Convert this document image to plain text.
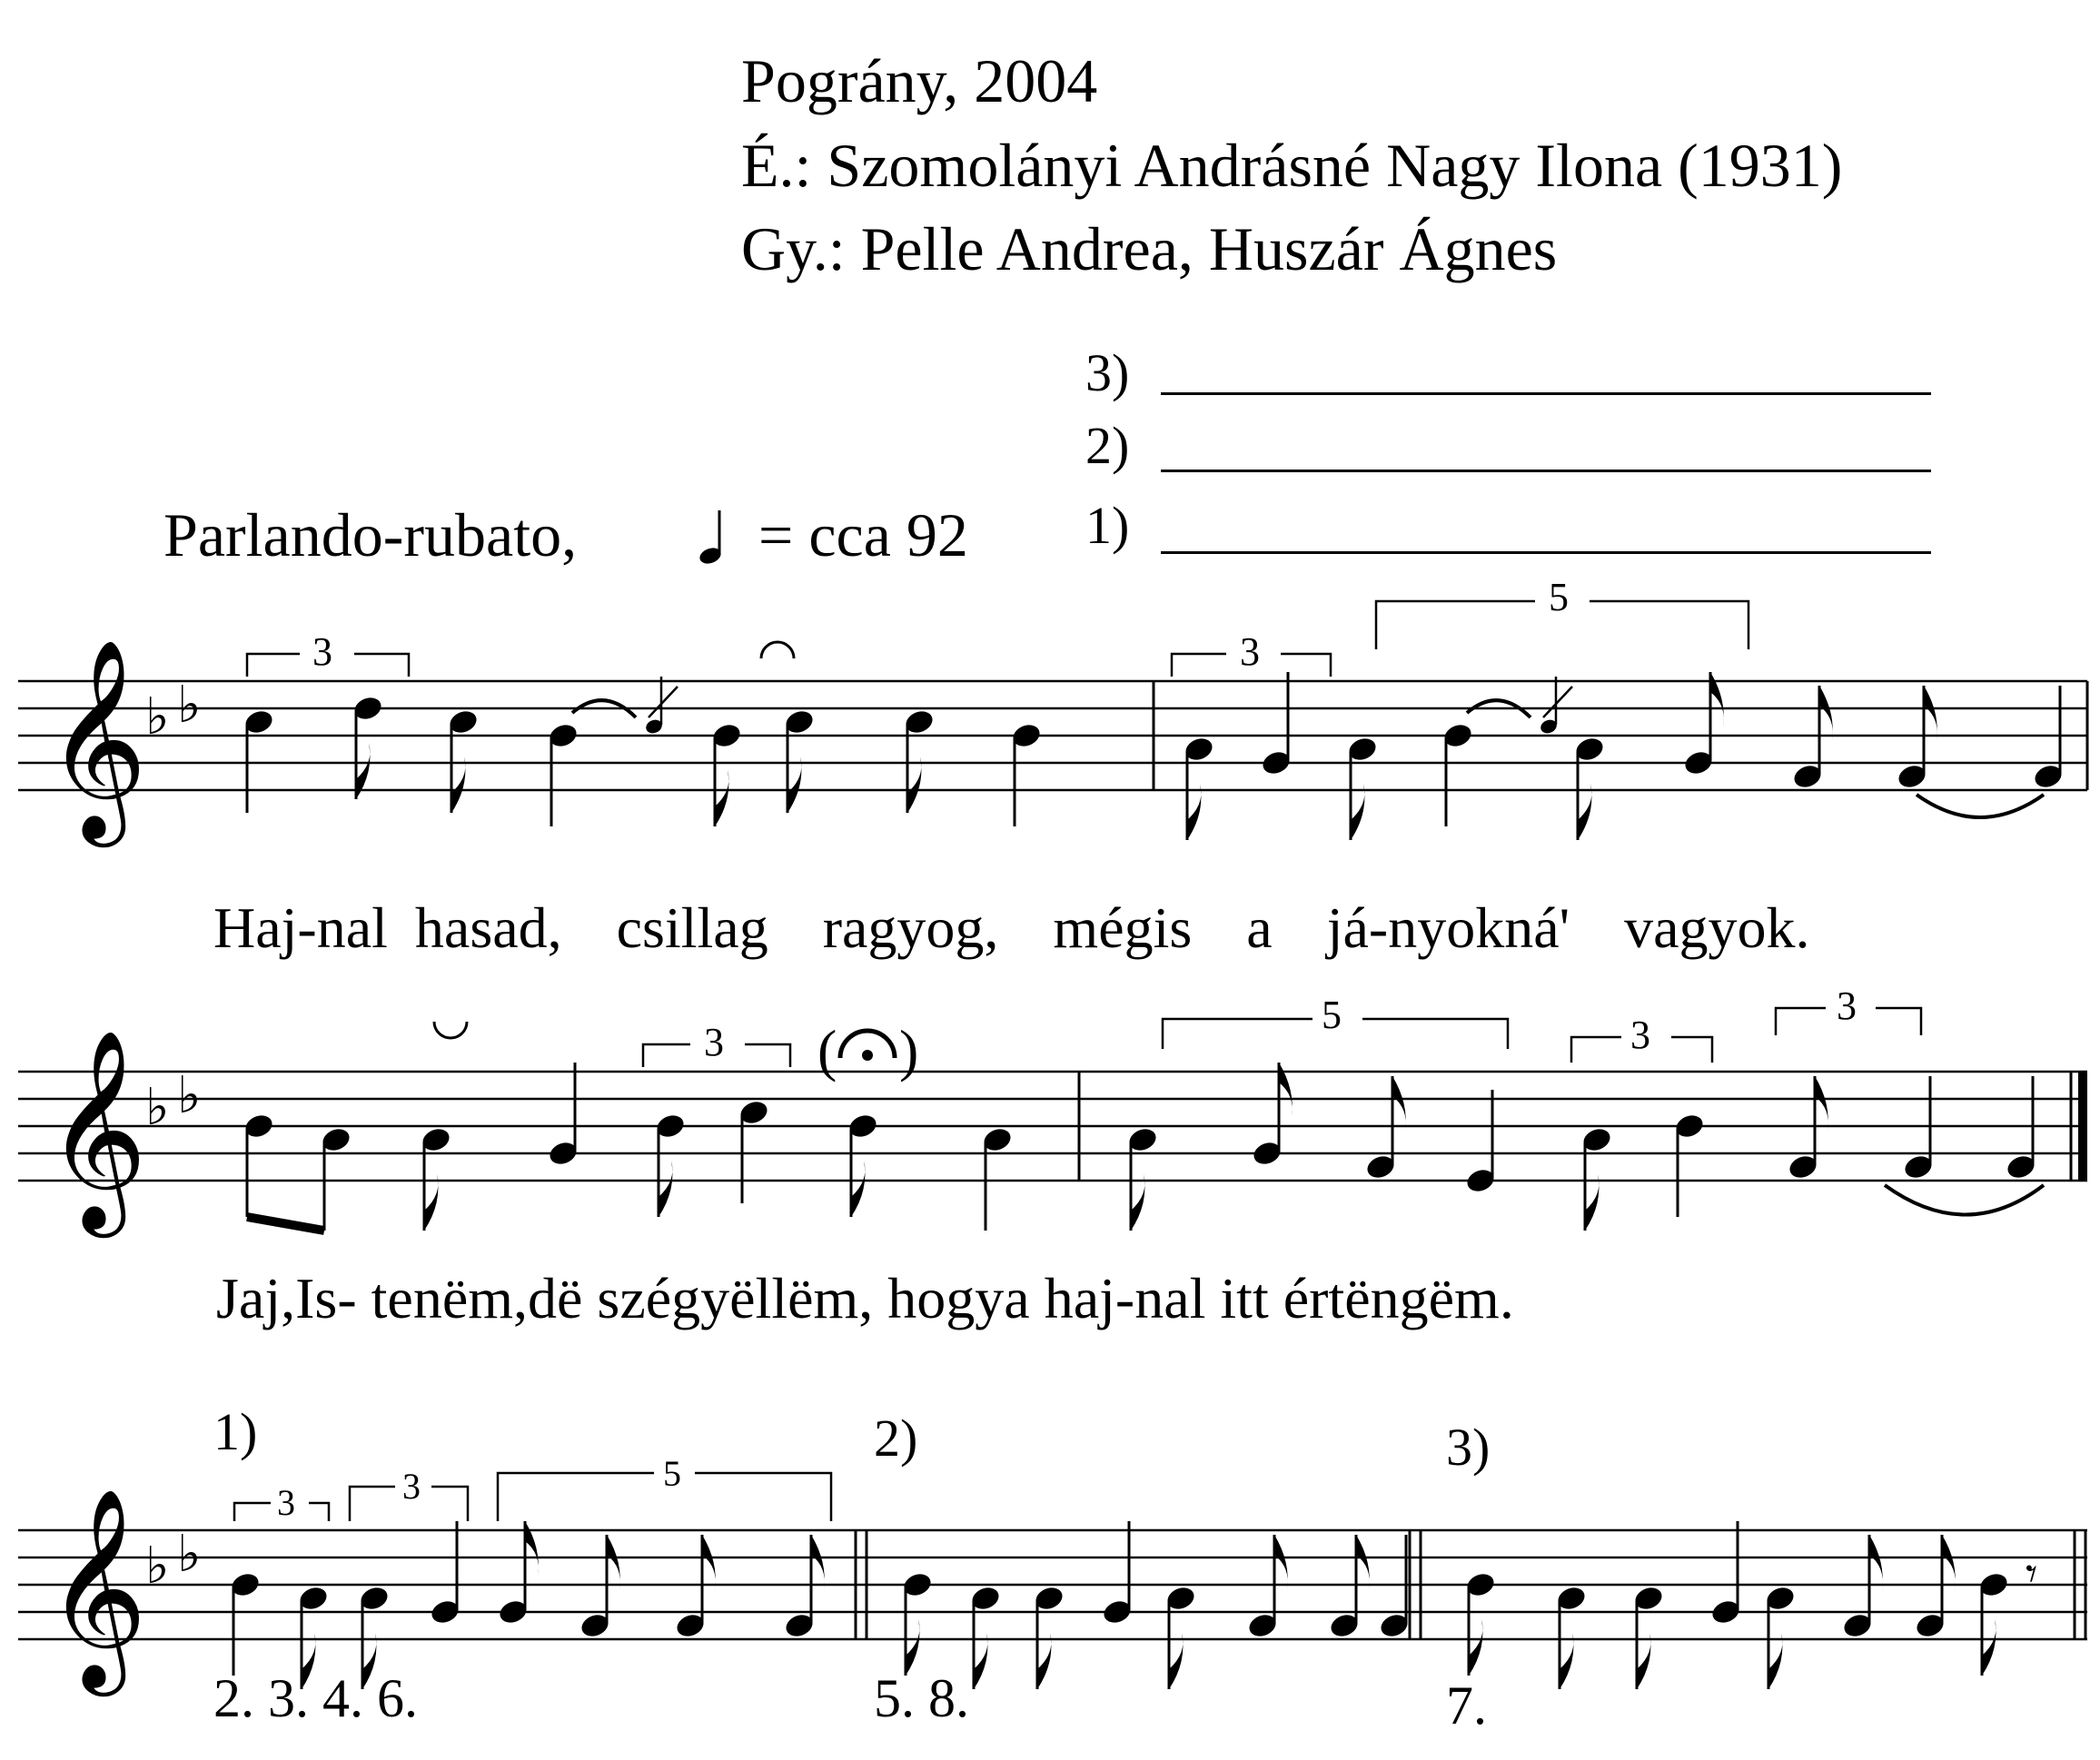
Pográny, 2004
É.: Szomolányi Andrásné Nagy Ilona (1931)
Gy.: Pelle Andrea, Huszár Ágnes
Parlando-rubato,	= cca 92
3)
2)
1)
𝄞
♭ ♭
3	3
5
Haj-nal hasad, csillag ragyog, mégis a já-nyokná' vagyok.
𝄞
♭ ♭
( )
3
5	3
3
Jaj,Is- tenëm,dë szégyëllëm, hogya haj-nal itt értëngëm.
1)	2)	3)
𝄞
♭ ♭
3	3	5
𝄾
2. 3. 4. 6.	5. 8.	7.
